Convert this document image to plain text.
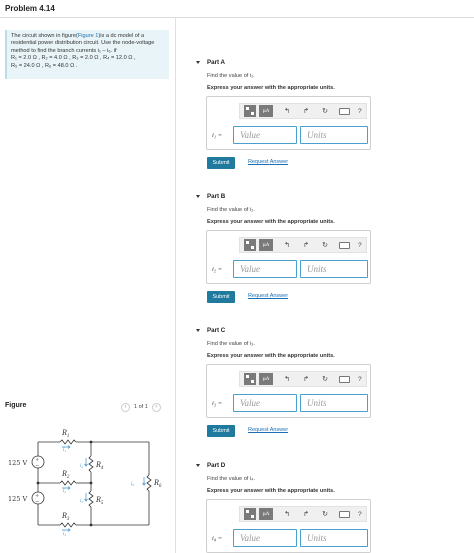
Problem 4.14
The circuit shown in figure(Figure 1)is a dc model of a residential power distribution circuit. Use the node-voltage method to find the branch currents i₁ – i₆. if
R₁ = 2.0 Ω , R₂ = 4.0 Ω , R₃ = 2.0 Ω , R₄ = 12.0 Ω ,
R₅ = 24.0 Ω , R₆ = 48.0 Ω .
Figure	‹	1 of 1	›
125 V
125 V
+
−
+
−
$R_1$
$R_2$
$R_3$
$R_4$
$R_5$
$R_6$
i₁
i₂
i₃
i₄
i₅
i₆
Part A
Find the value of i₁.
Express your answer with the appropriate units.
μA	↰ ↱ ↻	?
i₁ =	Value	Units
Submit	Request Answer
Part B
Find the value of i₂.
Express your answer with the appropriate units.
μA	↰ ↱ ↻	?
i₂ =	Value	Units
Submit	Request Answer
Part C
Find the value of i₃.
Express your answer with the appropriate units.
μA	↰ ↱ ↻	?
i₃ =	Value	Units
Submit	Request Answer
Part D
Find the value of i₄.
Express your answer with the appropriate units.
μA	↰ ↱ ↻	?
i₄ =	Value	Units
